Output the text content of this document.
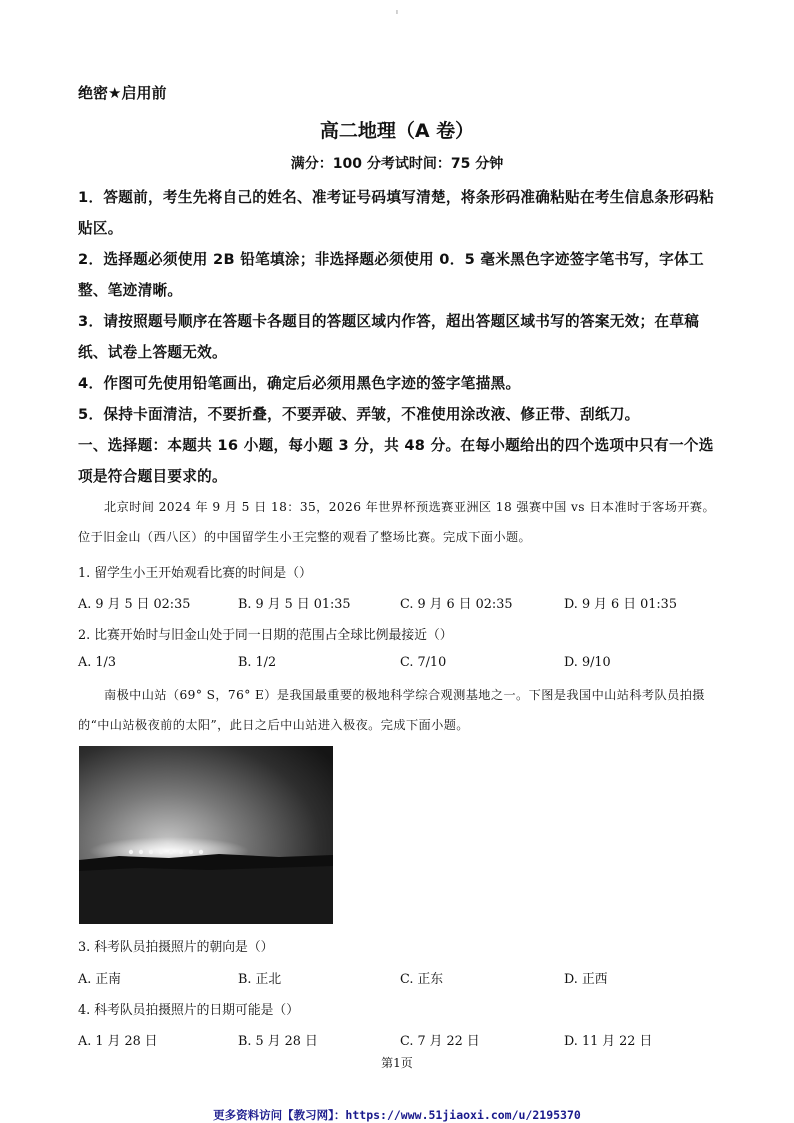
ı
绝密★启用前
高二地理（A 卷）
满分：100 分考试时间：75 分钟
1．答题前，考生先将自己的姓名、准考证号码填写清楚，将条形码准确粘贴在考生信息条形码粘贴区。
2．选择题必须使用 2B 铅笔填涂；非选择题必须使用 0．5 毫米黑色字迹签字笔书写，字体工整、笔迹清晰。
3．请按照题号顺序在答题卡各题目的答题区域内作答，超出答题区域书写的答案无效；在草稿纸、试卷上答题无效。
4．作图可先使用铅笔画出，确定后必须用黑色字迹的签字笔描黑。
5．保持卡面清洁，不要折叠，不要弄破、弄皱，不准使用涂改液、修正带、刮纸刀。
一、选择题：本题共 16 小题，每小题 3 分，共 48 分。在每小题给出的四个选项中只有一个选项是符合题目要求的。
北京时间 2024 年 9 月 5 日 18：35，2026 年世界杯预选赛亚洲区 18 强赛中国 vs 日本准时于客场开赛。位于旧金山（西八区）的中国留学生小王完整的观看了整场比赛。完成下面小题。
1. 留学生小王开始观看比赛的时间是（）
A. 9 月 5 日 02:35	B. 9 月 5 日 01:35	C. 9 月 6 日 02:35	D. 9 月 6 日 01:35
2. 比赛开始时与旧金山处于同一日期的范围占全球比例最接近（）
A. 1/3	B. 1/2	C. 7/10	D. 9/10
南极中山站（69° S，76° E）是我国最重要的极地科学综合观测基地之一。下图是我国中山站科考队员拍摄的“中山站极夜前的太阳”，此日之后中山站进入极夜。完成下面小题。
3. 科考队员拍摄照片的朝向是（）
A. 正南	B. 正北	C. 正东	D. 正西
4. 科考队员拍摄照片的日期可能是（）
A. 1 月 28 日	B. 5 月 28 日	C. 7 月 22 日	D. 11 月 22 日
第1页
更多资料访问【教习网】：https://www.51jiaoxi.com/u/2195370
